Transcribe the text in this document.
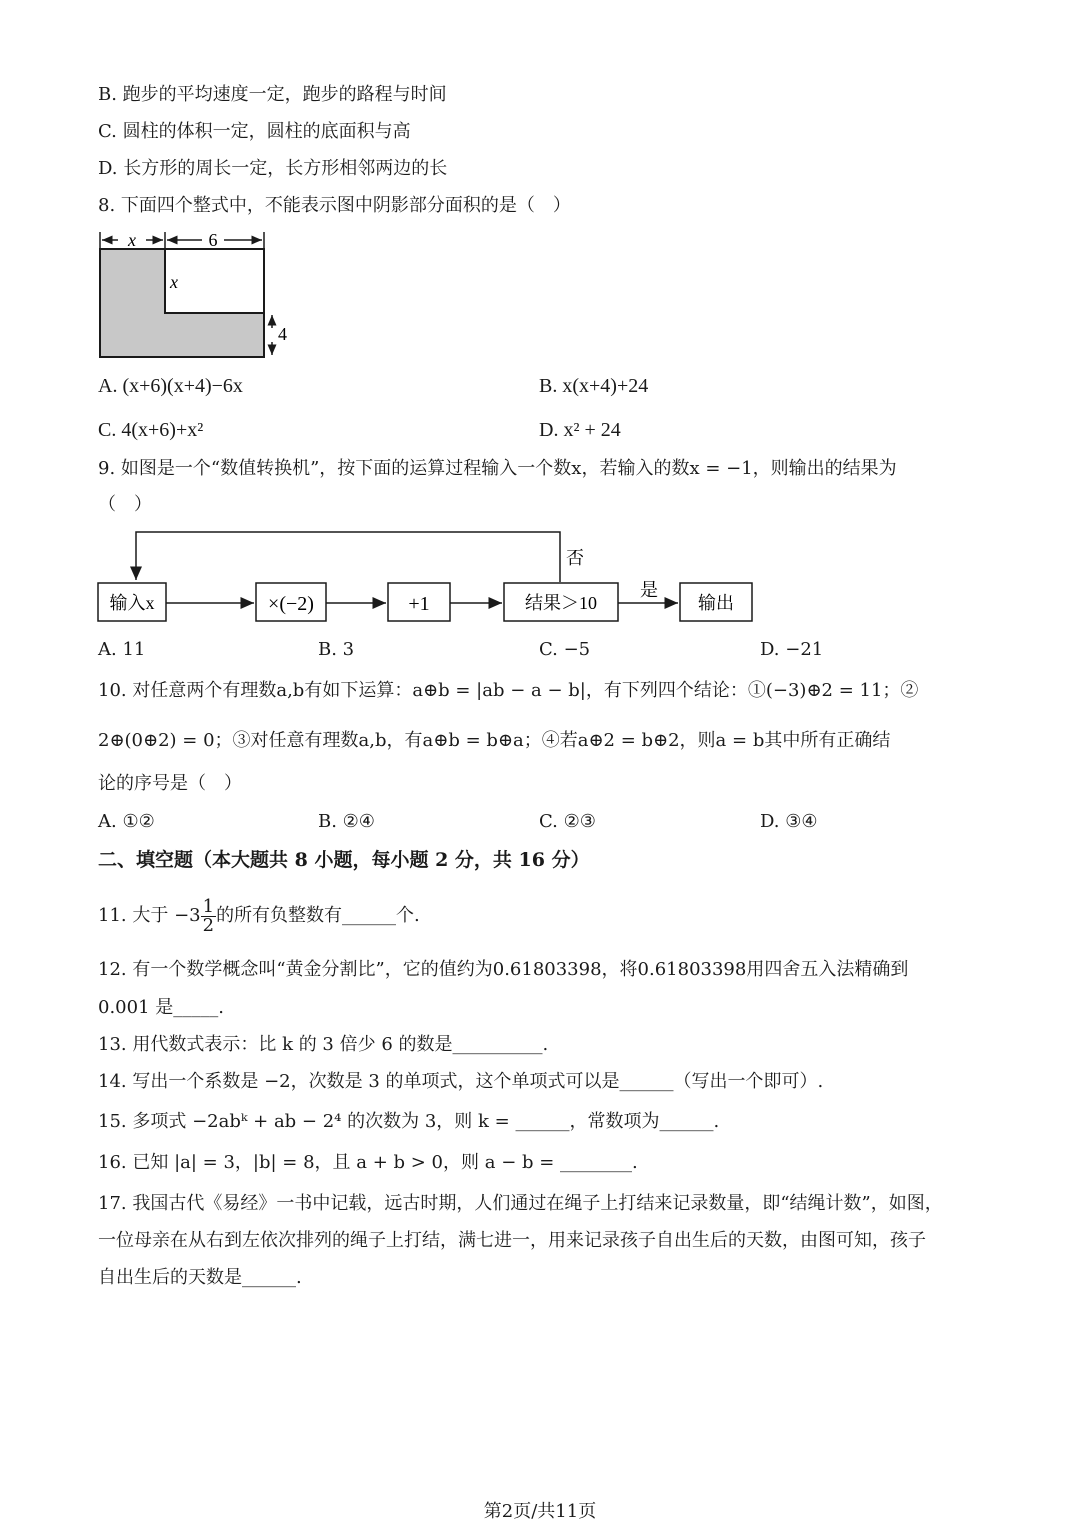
B. 跑步的平均速度一定，跑步的路程与时间
C. 圆柱的体积一定，圆柱的底面积与高
D. 长方形的周长一定，长方形相邻两边的长
8. 下面四个整式中，不能表示图中阴影部分面积的是（　）
x	6
x
4
A. (x+6)(x+4)−6x	B. x(x+4)+24
C. 4(x+6)+x²	D. x² + 24
9. 如图是一个“数值转换机”，按下面的运算过程输入一个数x，若输入的数x = −1，则输出的结果为
（　）
否
输入x	×(−2)	+1	结果＞10
是
输出
A. 11	B. 3	C. −5	D. −21
10. 对任意两个有理数a,b有如下运算：a⊕b = |ab − a − b|，有下列四个结论：①(−3)⊕2 = 11；②
2⊕(0⊕2) = 0；③对任意有理数a,b，有a⊕b = b⊕a；④若a⊕2 = b⊕2，则a = b其中所有正确结
论的序号是（　）
A. ①②	B. ②④	C. ②③	D. ③④
二、填空题（本大题共 8 小题，每小题 2 分，共 16 分）
11. 大于 $-3 \frac{1}{2}$ 的所有负整数有______个.
12. 有一个数学概念叫“黄金分割比”，它的值约为0.61803398，将0.61803398用四舍五入法精确到
0.001 是_____.
13. 用代数式表示：比 k 的 3 倍少 6 的数是__________.
14. 写出一个系数是 −2，次数是 3 的单项式，这个单项式可以是______（写出一个即可）.
15. 多项式 −2abᵏ + ab − 2⁴ 的次数为 3，则 k = ______，常数项为______.
16. 已知 |a| = 3，|b| = 8，且 a + b > 0，则 a − b = ________.
17. 我国古代《易经》一书中记载，远古时期，人们通过在绳子上打结来记录数量，即“结绳计数”，如图，
一位母亲在从右到左依次排列的绳子上打结，满七进一，用来记录孩子自出生后的天数，由图可知，孩子
自出生后的天数是______.
第2页/共11页
